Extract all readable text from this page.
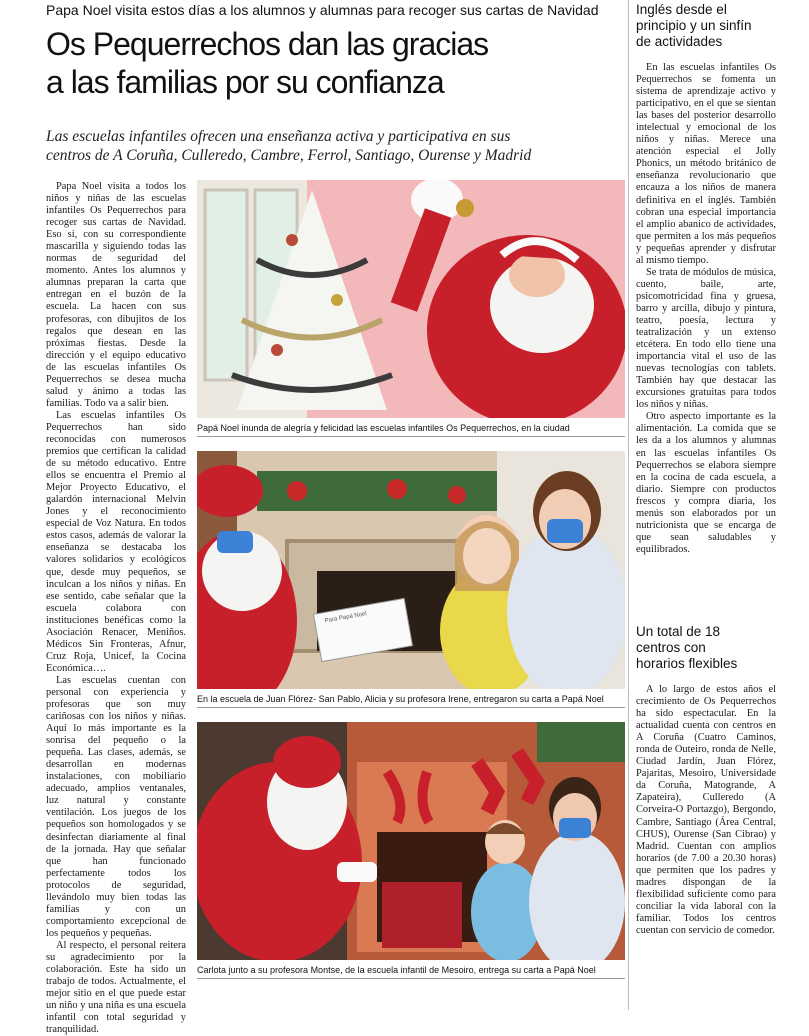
Papa Noel visita estos días a los alumnos y alumnas para recoger sus cartas de Navidad
Os Pequerrechos dan las gracias
a las familias por su confianza
Las escuelas infantiles ofrecen una enseñanza activa y participativa en sus
centros de A Coruña, Culleredo, Cambre, Ferrol, Santiago, Ourense y Madrid

Papa Noel visita a todos los niños y niñas de las escuelas infantiles Os Pequerrechos para recoger sus cartas de Navidad. Eso sí, con su correspondiente mascarilla y siguiendo todas las normas de seguridad del momento. Antes los alumnos y alumnas preparan la carta que entregan en el buzón de la escuela. La hacen con sus profesoras, con dibujitos de los regalos que desean en las próximas fiestas. Desde la dirección y el equipo educativo de las escuelas infantiles Os Pequerrechos se desea mucha salud y ánimo a todas las familias. Todo va a salir bien.

Las escuelas infantiles Os Pequerrechos han sido reconocidas con numerosos premios que certifican la calidad de su método educativo. Entre ellos se encuentra el Premio al Mejor Proyecto Educativo, el galardón internacional Melvin Jones y el reconocimiento especial de Voz Natura. En todos estos casos, además de valorar la enseñanza se destacaba los valores solidarios y ecológicos que, desde muy pequeños, se inculcan a los niños y niñas. En ese sentido, cabe señalar que la escuela colabora con instituciones benéficas como la Asociación Renacer, Meniños. Médicos Sin Fronteras, Afnur, Cruz Roja, Unicef, la Cocina Económica….

Las escuelas cuentan con personal con experiencia y profesoras que son muy cariñosas con los niños y niñas. Aquí lo más importante es la sonrisa del pequeño o la pequeña. Las clases, además, se desarrollan en modernas instalaciones, con mobiliario adecuado, amplios ventanales, luz natural y constante ventilación. Los juegos de los pequeños son homologados y se desinfectan diariamente al final de la jornada. Hay que señalar que han funcionado perfectamente todos los protocolos de seguridad, llevándolo muy bien todas las familias y con un comportamiento excepcional de los pequeños y pequeñas.

Al respecto, el personal reitera su agradecimiento por la colaboración. Este ha sido un trabajo de todos. Actualmente, el mejor sitio en el que puede estar un niño y una niña es una escuela infantil con total seguridad y tranquilidad.

Papá Noel inunda de alegría y felicidad las escuelas infantiles Os Pequerrechos, en la ciudad
Para Papá Noel
En la escuela de Juan Flórez- San Pablo, Alicia y su profesora Irene, entregaron su carta a Papá Noel
Carlota junto a su profesora Montse, de la escuela infantil de Mesoiro, entrega su carta a Papá Noel
Inglés desde el
principio y un sinfín
de actividades

En las escuelas infantiles Os Pequerrechos se fomenta un sistema de aprendizaje activo y participativo, en el que se sientan las bases del posterior desarrollo intelectual y emocional de los niños y niñas. Merece una atención especial el Jolly Phonics, un método británico de enseñanza revolucionario que encauza a los niños de manera definitiva en el inglés. También cobran una especial importancia el amplio abanico de actividades, que permiten a los más pequeños y pequeñas aprender y disfrutar al mismo tiempo.

Se trata de módulos de música, cuento, baile, arte, psicomotricidad fina y gruesa, barro y arcilla, dibujo y pintura, teatro, poesía, lectura y teatralización y un extenso etcétera. En todo ello tiene una importancia vital el uso de las nuevas tecnologías con tablets. También hay que destacar las excursiones gratuitas para todos los niños y niñas.

Otro aspecto importante es la alimentación. La comida que se les da a los alumnos y alumnas en las escuelas infantiles Os Pequerrechos se elabora siempre en la cocina de cada escuela, a diario. Siempre con productos frescos y compra diaria, los menús son elaborados por un nutricionista que se encarga de que sean saludables y equilibrados.

Un total de 18
centros con
horarios flexibles

A lo largo de estos años el crecimiento de Os Pequerrechos ha sido espectacular. En la actualidad cuenta con centros en A Coruña (Cuatro Caminos, ronda de Outeiro, ronda de Nelle, Ciudad Jardín, Juan Flórez, Pajaritas, Mesoiro, Universidade da Coruña, Matogrande, A Zapateira), Culleredo (A Corveira-O Portazgo), Bergondo, Cambre, Santiago (Área Central, CHUS), Ourense (San Cibrao) y Madrid. Cuentan con amplios horarios (de 7.00 a 20.30 horas) que permiten que los padres y madres dispongan de la flexibilidad suficiente como para conciliar la vida laboral con la familiar. Todos los centros cuentan con servicio de comedor.
